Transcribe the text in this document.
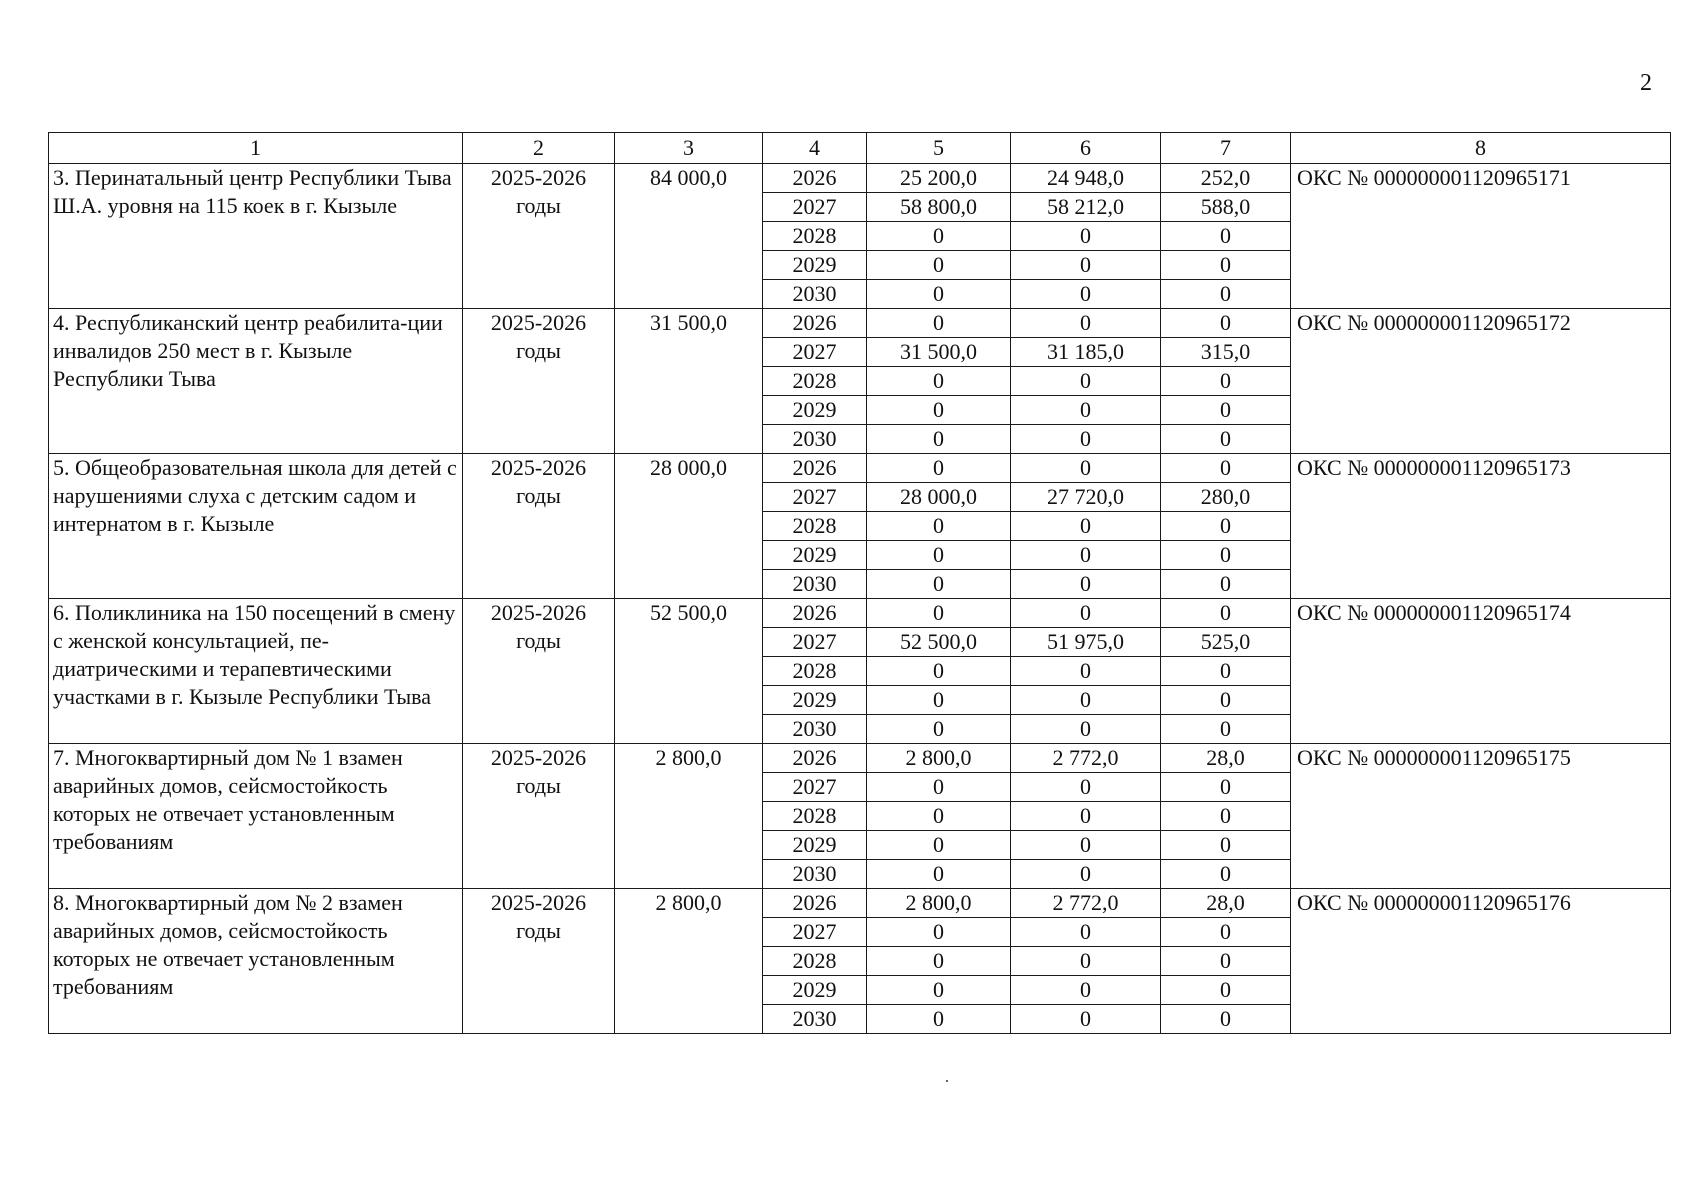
2
1	2	3	4	5	6	7	8
3. Перинатальный центр Республики Тыва Ш.А. уровня на 115 коек в г. Кызыле	2025-2026 годы	84 000,0	2026	25 200,0	24 948,0	252,0	ОКС № 000000001120965171
			2027	58 800,0	58 212,0	588,0	
			2028	0	0	0	
			2029	0	0	0	
			2030	0	0	0	
4. Республиканский центр реабилита-ции инвалидов 250 мест в г. Кызыле Республики Тыва	2025-2026 годы	31 500,0	2026	0	0	0	ОКС № 000000001120965172
			2027	31 500,0	31 185,0	315,0	
			2028	0	0	0	
			2029	0	0	0	
			2030	0	0	0	
5. Общеобразовательная школа для детей с нарушениями слуха с детским садом и интернатом в г. Кызыле	2025-2026 годы	28 000,0	2026	0	0	0	ОКС № 000000001120965173
			2027	28 000,0	27 720,0	280,0	
			2028	0	0	0	
			2029	0	0	0	
			2030	0	0	0	
6. Поликлиника на 150 посещений в смену с женской консультацией, пе-диатрическими и терапевтическими участками в г. Кызыле Республики Тыва	2025-2026 годы	52 500,0	2026	0	0	0	ОКС № 000000001120965174
			2027	52 500,0	51 975,0	525,0	
			2028	0	0	0	
			2029	0	0	0	
			2030	0	0	0	
7. Многоквартирный дом № 1 взамен аварийных домов, сейсмостойкость которых не отвечает установленным требованиям	2025-2026 годы	2 800,0	2026	2 800,0	2 772,0	28,0	ОКС № 000000001120965175
			2027	0	0	0	
			2028	0	0	0	
			2029	0	0	0	
			2030	0	0	0	
8. Многоквартирный дом № 2 взамен аварийных домов, сейсмостойкость которых не отвечает установленным требованиям	2025-2026 годы	2 800,0	2026	2 800,0	2 772,0	28,0	ОКС № 000000001120965176
			2027	0	0	0	
			2028	0	0	0	
			2029	0	0	0	
			2030	0	0	0	
